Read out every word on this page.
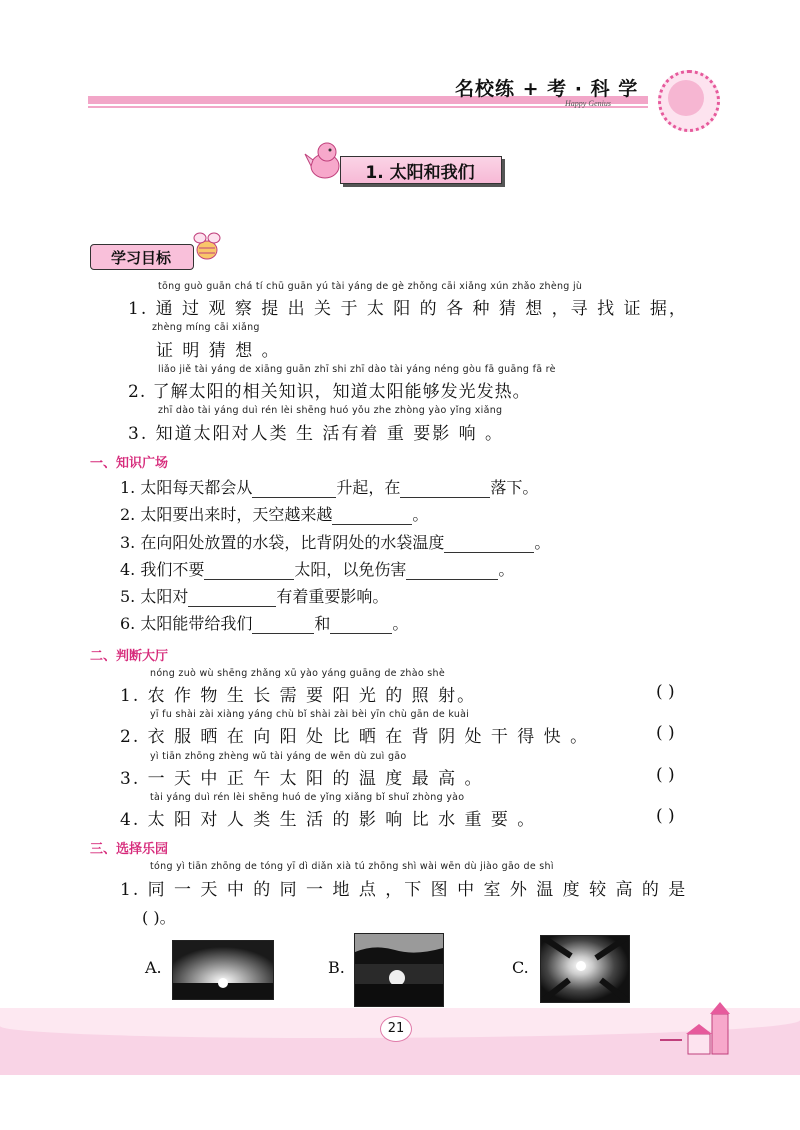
名校练 + 考 · 科 学
Happy Genius
1. 太阳和我们
学习目标
tōng guò guān chá tí chū guān yú tài yáng de gè zhǒng cāi xiǎng xún zhǎo zhèng jù
1. 通 过 观 察 提 出 关 于 太 阳 的 各 种 猜 想 ，寻 找 证 据，
zhèng míng cāi xiǎng
证 明 猜 想 。
liǎo jiě tài yáng de xiāng guān zhī shi zhī dào tài yáng néng gòu fā guāng fā rè
2. 了解太阳的相关知识，知道太阳能够发光发热。
zhī dào tài yáng duì rén lèi shēng huó yǒu zhe zhòng yào yǐng xiǎng
3. 知道太阳对人类 生 活有着 重 要影 响 。
一、知识广场
1. 太阳每天都会从	升起，在	落下。
2. 太阳要出来时，天空越来越	。
3. 在向阳处放置的水袋，比背阴处的水袋温度	。
4. 我们不要	太阳，以免伤害	。
5. 太阳对	有着重要影响。
6. 太阳能带给我们	和	。
二、判断大厅
nóng zuò wù shēng zhǎng xū yào yáng guāng de zhào shè
1. 农 作 物 生 长 需 要 阳 光 的 照 射。	( )
yī fu shài zài xiàng yáng chù bǐ shài zài bèi yīn chù gān de kuài
2. 衣 服 晒 在 向 阳 处 比 晒 在 背 阴 处 干 得 快 。	( )
yì tiān zhōng zhèng wǔ tài yáng de wēn dù zuì gāo
3. 一 天 中 正 午 太 阳 的 温 度 最 高 。	( )
tài yáng duì rén lèi shēng huó de yǐng xiǎng bǐ shuǐ zhòng yào
4. 太 阳 对 人 类 生 活 的 影 响 比 水 重 要 。	( )
三、选择乐园
tóng yì tiān zhōng de tóng yī dì diǎn xià tú zhōng shì wài wēn dù jiào gāo de shì
1. 同 一 天 中 的 同 一 地 点 ，下 图 中 室 外 温 度 较 高 的 是
( )。
A.	B.	C.
21
